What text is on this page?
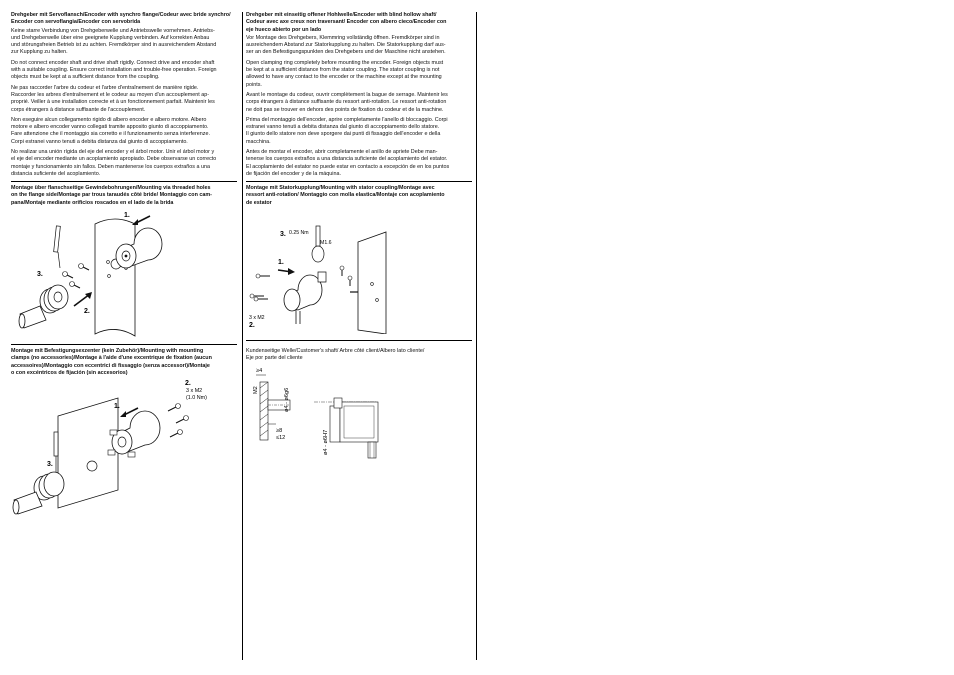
Drehgeber mit Servoflansch/Encoder with synchro flange/Codeur avec bride synchro/
Encoder con servoflangia/Encoder con servobrida

Keine starre Verbindung von Drehgeberwelle und Antriebswelle vornehmen. Antriebs-
und Drehgeberwelle über eine geeignete Kupplung verbinden. Auf korrekten Anbau
und störungsfreien Betrieb ist zu achten. Fremdkörper sind in ausreichendem Abstand
zur Kupplung zu halten.

Do not connect encoder shaft and drive shaft rigidly. Connect drive and encoder shaft
with a suitable coupling. Ensure correct installation and trouble-free operation. Foreign
objects must be kept at a sufficient distance from the coupling.

Ne pas raccorder l'arbre du codeur et l'arbre d'entraînement de manière rigide.
Raccorder les arbres d'entraînement et le codeur au moyen d'un accouplement ap-
proprié. Veiller à une installation correcte et à un fonctionnement parfait. Maintenir les
corps étrangers à distance suffisante de l'accouplement.

Non eseguire alcun collegamento rigido di albero encoder e albero motore. Albero
motore e albero encoder vanno collegati tramite apposito giunto di accoppiamento.
Fare attenzione che il montaggio sia corretto e il funzionamento senza interferenze.
Corpi estranei vanno tenuti a debita distanza dal giunto di accoppiamento.

No realizar una unión rígida del eje del encoder y el árbol motor. Unir el árbol motor y
el eje del encoder mediante un acoplamiento apropiado. Debe observarse un correcto
montaje y funcionamiento sin fallos. Deben mantenerse los cuerpos extraños a una
distancia suficiente del acoplamiento.

Montage über flanschseitige Gewindebohrungen/Mounting via threaded holes
on the flange side/Montage par trous taraudés côté bride/ Montaggio con cam-
pana/Montaje mediante orificios roscados en el lado de la brida
1.
3.
2.
Montage mit Befestigungsexzenter (kein Zubehör)/Mounting with mounting
clamps (no accessories)/Montage à l'aide d'une excentrique de fixation (aucun
accessoires)/Montaggio con eccentrici di fissaggio (senza accessori)/Montaje
o con excéntricos de fijación (sin accesorios)
1.
2.
3 x M2
(1.0 Nm)
3.
Drehgeber mit einseitig offener Hohlwelle/Encoder with blind hollow shaft/
Codeur avec axe creux non traversant/ Encoder con albero cieco/Encoder con
eje hueco abierto por un lado

Vor Montage des Drehgebers, Klemmring vollständig öffnen. Fremdkörper sind in
ausreichendem Abstand zur Statorkupplung zu halten. Die Statorkupplung darf aus-
ser an den Befestigungspunkten des Drehgebers und der Maschine nicht anstehen.

Open clamping ring completely before mounting the encoder. Foreign objects must
be kept at a sufficient distance from the stator coupling. The stator coupling is not
allowed to have any contact to the encoder or the machine except at the mounting
points.

Avant le montage du codeur, ouvrir complètement la bague de serrage. Maintenir les
corps étrangers à distance suffisante du ressort anti-rotation. Le ressort anti-rotation
ne doit pas se trouver en dehors des points de fixation du codeur et de la machine.

Prima del montaggio dell'encoder, aprire completamente l'anello di bloccaggio. Corpi
estranei vanno tenuti a debita distanza dal giunto di accoppiamento dello statore.
Il giunto dello statore non deve sporgere dai punti di fissaggio dell'encoder e della
macchina.

Antes de montar el encoder, abrir completamente el anillo de apriete Debe man-
tenerse los cuerpos extraños a una distancia suficiente del acoplamiento del estator.
El acoplamiento del estator no puede estar en contacto a excepción de en los puntos
de fijación del encoder y de la máquina.

Montage mit Statorkupplung/Mounting with stator coupling/Montage avec
ressort anti-rotation/ Montaggio con molla elastica/Montaje con acoplamiento
de estator
3. 0.25 Nm
M1.6
1.
3 x M2
2.
Kundenseitige Welle/Customer's shaft/ Arbre côté client/Albero lato cliente/
Eje por parte del cliente
≥4
M2	ø4 - ø6g6
≥8
≤12	ø4 - ø6H7
